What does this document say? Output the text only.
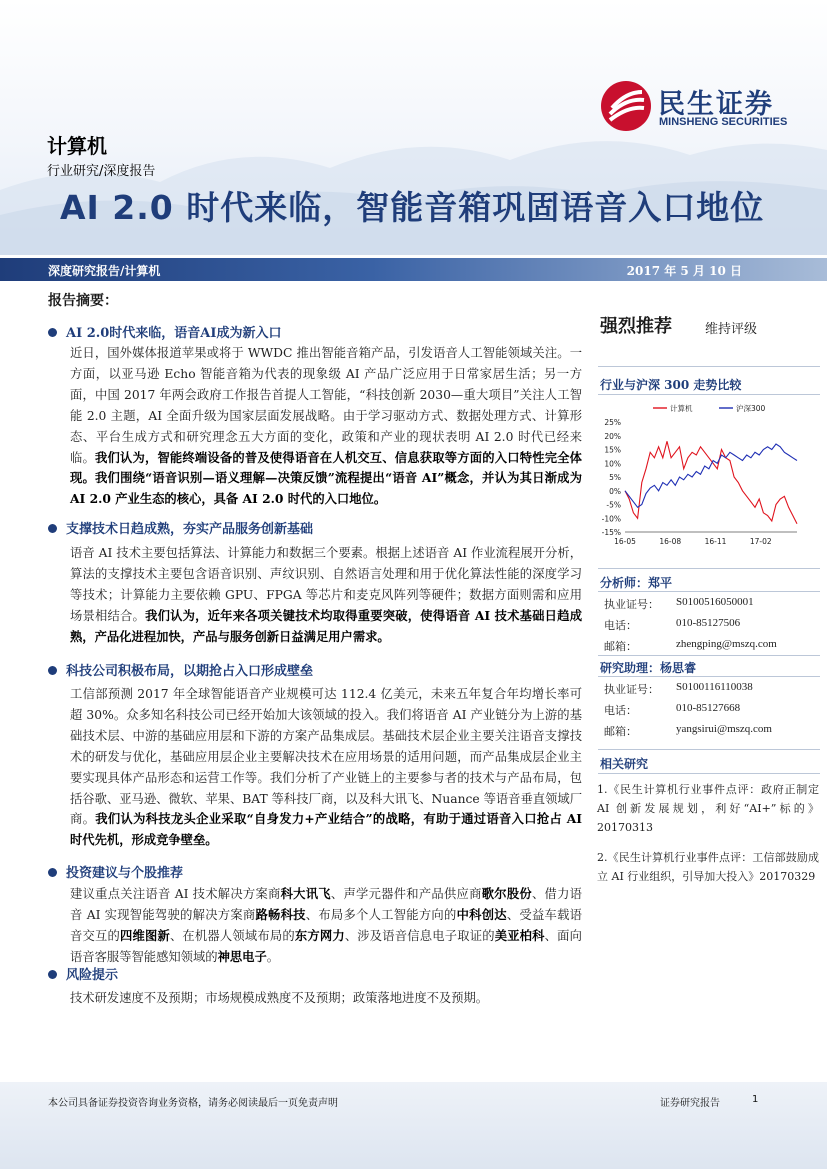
民生证券
MINSHENG SECURITIES
计算机
行业研究/深度报告
AI 2.0 时代来临，智能音箱巩固语音入口地位
深度研究报告/计算机	2017 年 5 月 10 日
报告摘要：
AI 2.0时代来临，语音AI成为新入口
近日，国外媒体报道苹果或将于 WWDC 推出智能音箱产品，引发语音人工智能领域关注。一方面，以亚马逊 Echo 智能音箱为代表的现象级 AI 产品广泛应用于日常家居生活；另一方面，中国 2017 年两会政府工作报告首提人工智能，“科技创新 2030—重大项目”关注人工智能 2.0 主题，AI 全面升级为国家层面发展战略。由于学习驱动方式、数据处理方式、计算形态、平台生成方式和研究理念五大方面的变化，政策和产业的现状表明 AI 2.0 时代已经来临。我们认为，智能终端设备的普及使得语音在人机交互、信息获取等方面的入口特性完全体现。我们围绕“语音识别—语义理解—决策反馈”流程提出“语音 AI”概念，并认为其日渐成为 AI 2.0 产业生态的核心，具备 AI 2.0 时代的入口地位。
支撑技术日趋成熟，夯实产品服务创新基础
语音 AI 技术主要包括算法、计算能力和数据三个要素。根据上述语音 AI 作业流程展开分析，算法的支撑技术主要包含语音识别、声纹识别、自然语言处理和用于优化算法性能的深度学习等技术；计算能力主要依赖 GPU、FPGA 等芯片和麦克风阵列等硬件；数据方面则需和应用场景相结合。我们认为，近年来各项关键技术均取得重要突破，使得语音 AI 技术基础日趋成熟，产品化进程加快，产品与服务创新日益满足用户需求。
科技公司积极布局，以期抢占入口形成壁垒
工信部预测 2017 年全球智能语音产业规模可达 112.4 亿美元，未来五年复合年均增长率可超 30%。众多知名科技公司已经开始加大该领域的投入。我们将语音 AI 产业链分为上游的基础技术层、中游的基础应用层和下游的方案产品集成层。基础技术层企业主要关注语音支撑技术的研发与优化，基础应用层企业主要解决技术在应用场景的适用问题，而产品集成层企业主要实现具体产品形态和运营工作等。我们分析了产业链上的主要参与者的技术与产品布局，包括谷歌、亚马逊、微软、苹果、BAT 等科技厂商，以及科大讯飞、Nuance 等语音垂直领域厂商。我们认为科技龙头企业采取“自身发力+产业结合”的战略，有助于通过语音入口抢占 AI 时代先机，形成竞争壁垒。
投资建议与个股推荐
建议重点关注语音 AI 技术解决方案商科大讯飞、声学元器件和产品供应商歌尔股份、借力语音 AI 实现智能驾驶的解决方案商路畅科技、布局多个人工智能方向的中科创达、受益车载语音交互的四维图新、在机器人领域布局的东方网力、涉及语音信息电子取证的美亚柏科、面向语音客服等智能感知领域的神思电子。
风险提示
技术研发速度不及预期；市场规模成熟度不及预期；政策落地进度不及预期。
强烈推荐	维持评级
行业与沪深 300 走势比较
25%
20%
15%
10%
5%
0%
-5%
-10%
-15%
16-05	16-08	16-11	17-02
计算机	沪深300
分析师：郑平
执业证号： S0100516050001
电话：	010-85127506
邮箱：	zhengping@mszq.com
研究助理：杨思睿
执业证号： S0100116110038
电话：	010-85127668
邮箱：	yangsirui@mszq.com
相关研究
1.《民生计算机行业事件点评：政府正制定 AI 创新发展规划，利好“AI+”标的》20170313
2.《民生计算机行业事件点评：工信部鼓励成立 AI 行业组织，引导加大投入》20170329
本公司具备证券投资咨询业务资格，请务必阅读最后一页免责声明	证券研究报告	1
